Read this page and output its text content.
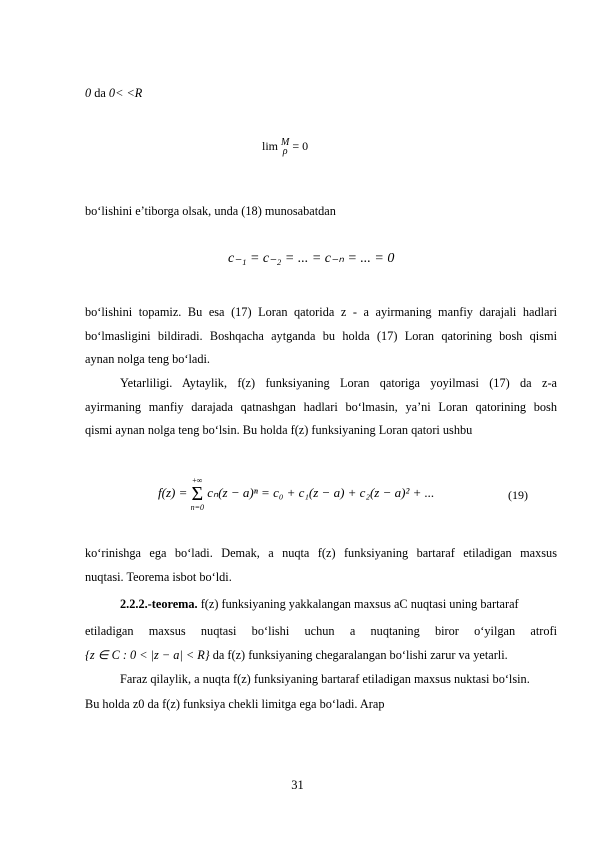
0 da 0< <R
lim M
ρ = 0
bo‘lishini e’tiborga olsak, unda (18) munosabatdan
c₋₁ = c₋₂ = ... = c₋ₙ = ... = 0
bo‘lishini topamiz. Bu esa (17) Loran qatorida z - a ayirmaning manfiy darajali hadlari
bo‘lmasligini bildiradi. Boshqacha aytganda bu holda (17) Loran qatorining bosh qismi
aynan nolga teng bo‘ladi.
Yetarliligi. Aytaylik, f(z) funksiyaning Loran qatoriga yoyilmasi (17) da z-a
ayirmaning manfiy darajada qatnashgan hadlari bo‘lmasin, ya’ni Loran qatorining bosh
qismi aynan nolga teng bo‘lsin. Bu holda f(z) funksiyaning Loran qatori ushbu
f(z) =
+∞
Σ
n=0
cₙ(z − a)ⁿ = c₀ + c₁(z − a) + c₂(z − a)² + ...	(19)
ko‘rinishga ega bo‘ladi. Demak, a nuqta f(z) funksiyaning bartaraf etiladigan maxsus
nuqtasi. Teorema isbot bo‘ldi.
2.2.2.-teorema. f(z) funksiyaning yakkalangan maxsus aC nuqtasi uning bartaraf
etiladigan maxsus nuqtasi bo‘lishi uchun a nuqtaning biror o‘yilgan atrofi
{z ∈ C : 0 < |z − a| < R} da f(z) funksiyaning chegaralangan bo‘lishi zarur va yetarli.
Faraz qilaylik, a nuqta f(z) funksiyaning bartaraf etiladigan maxsus nuktasi bo‘lsin.
Bu holda z0 da f(z) funksiya chekli limitga ega bo‘ladi. Arap
31
